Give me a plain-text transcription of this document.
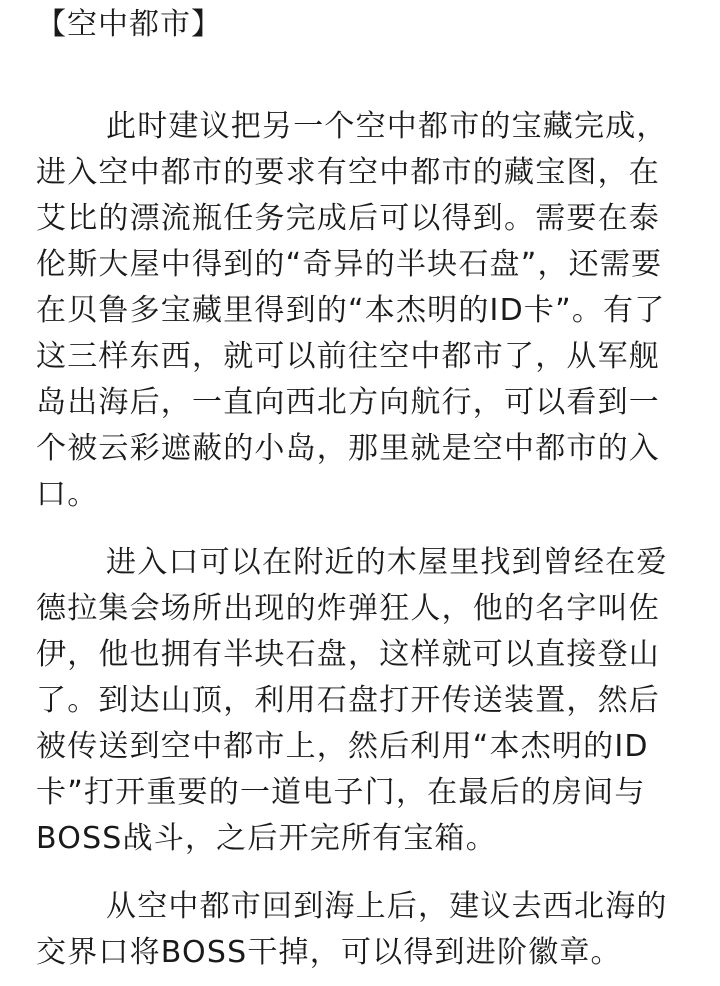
【空中都市】
此时建议把另一个空中都市的宝藏完成，
进入空中都市的要求有空中都市的藏宝图，在
艾比的漂流瓶任务完成后可以得到。需要在泰
伦斯大屋中得到的“奇异的半块石盘”，还需要
在贝鲁多宝藏里得到的“本杰明的ID卡”。有了
这三样东西，就可以前往空中都市了，从军舰
岛出海后，一直向西北方向航行，可以看到一
个被云彩遮蔽的小岛，那里就是空中都市的入
口。
进入口可以在附近的木屋里找到曾经在爱
德拉集会场所出现的炸弹狂人，他的名字叫佐
伊，他也拥有半块石盘，这样就可以直接登山
了。到达山顶，利用石盘打开传送装置，然后
被传送到空中都市上，然后利用“本杰明的ID
卡”打开重要的一道电子门，在最后的房间与
BOSS战斗，之后开完所有宝箱。
从空中都市回到海上后，建议去西北海的
交界口将BOSS干掉，可以得到进阶徽章。
